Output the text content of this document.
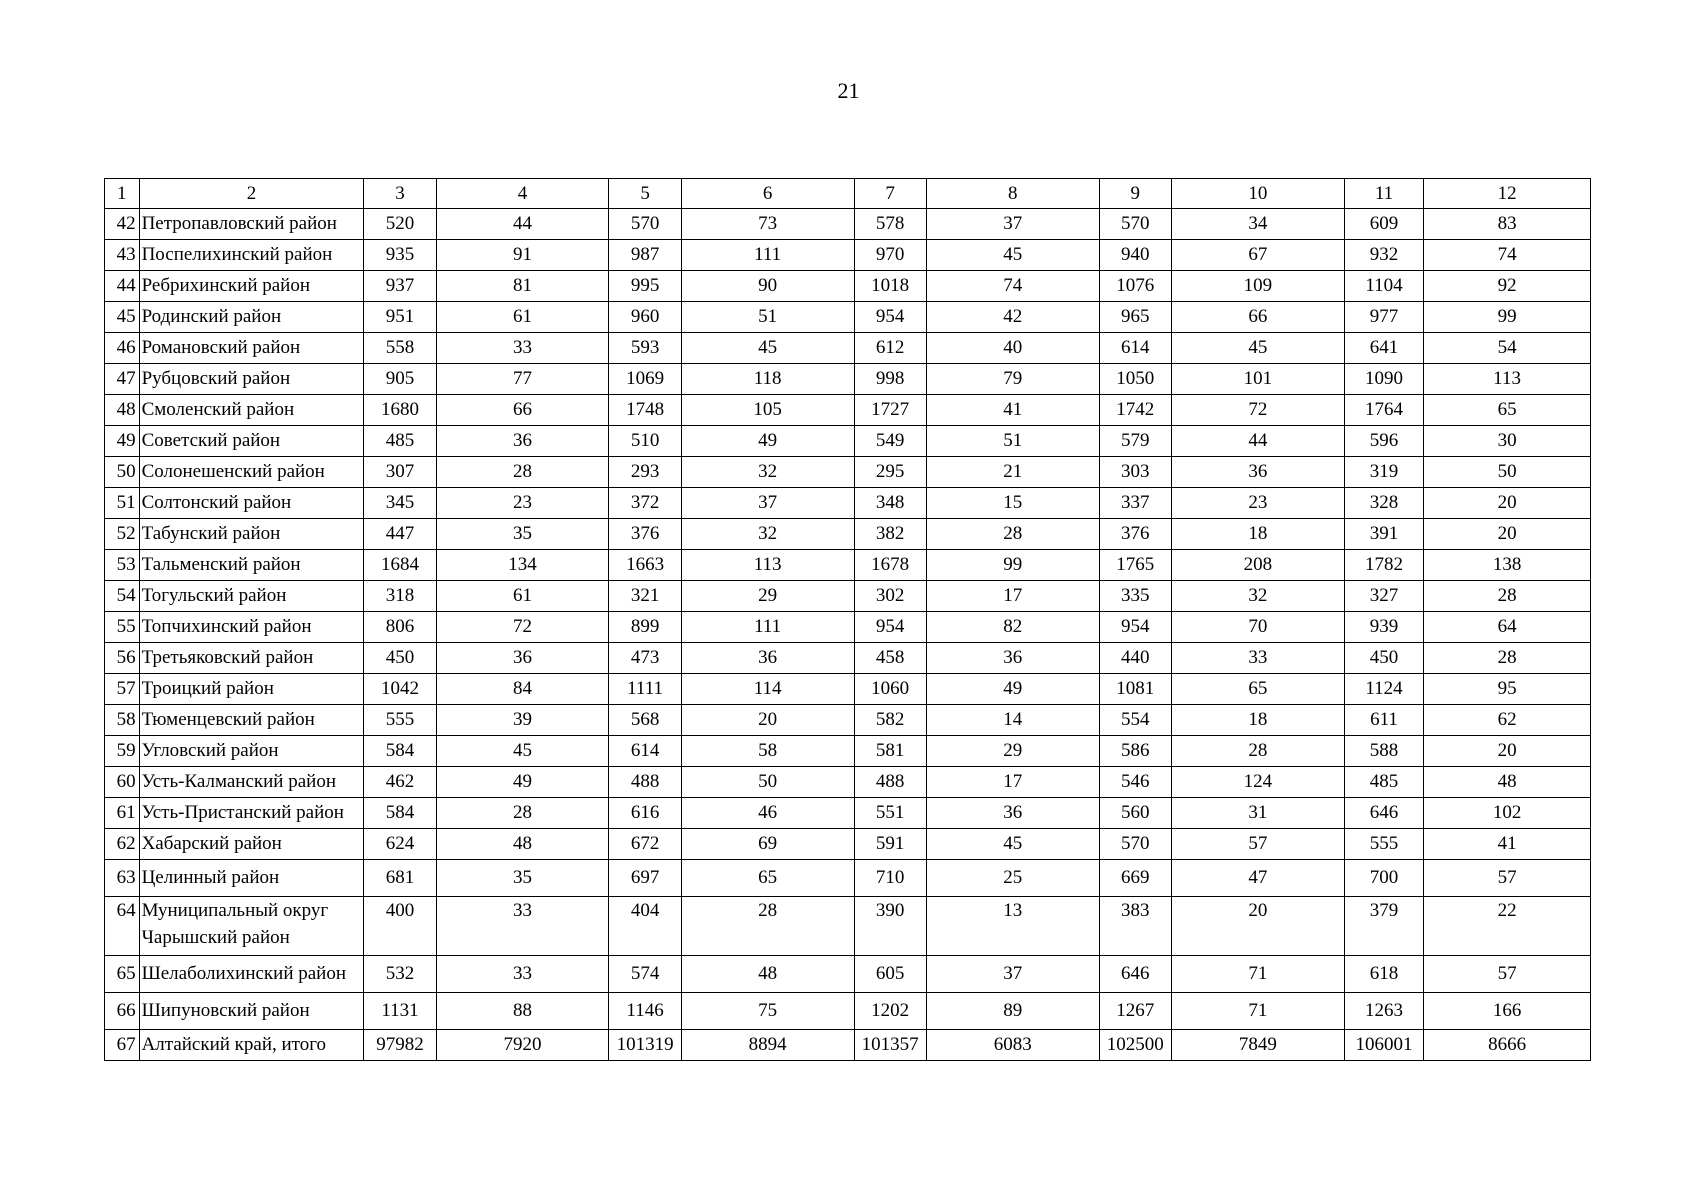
21
1	2	3	4	5	6	7	8	9	10	11	12
42	Петропавловский район	520	44	570	73	578	37	570	34	609	83
43	Поспелихинский район	935	91	987	111	970	45	940	67	932	74
44	Ребрихинский район	937	81	995	90	1018	74	1076	109	1104	92
45	Родинский район	951	61	960	51	954	42	965	66	977	99
46	Романовский район	558	33	593	45	612	40	614	45	641	54
47	Рубцовский район	905	77	1069	118	998	79	1050	101	1090	113
48	Смоленский район	1680	66	1748	105	1727	41	1742	72	1764	65
49	Советский район	485	36	510	49	549	51	579	44	596	30
50	Солонешенский район	307	28	293	32	295	21	303	36	319	50
51	Солтонский район	345	23	372	37	348	15	337	23	328	20
52	Табунский район	447	35	376	32	382	28	376	18	391	20
53	Тальменский район	1684	134	1663	113	1678	99	1765	208	1782	138
54	Тогульский район	318	61	321	29	302	17	335	32	327	28
55	Топчихинский район	806	72	899	111	954	82	954	70	939	64
56	Третьяковский район	450	36	473	36	458	36	440	33	450	28
57	Троицкий район	1042	84	1111	114	1060	49	1081	65	1124	95
58	Тюменцевский район	555	39	568	20	582	14	554	18	611	62
59	Угловский район	584	45	614	58	581	29	586	28	588	20
60	Усть-Калманский район	462	49	488	50	488	17	546	124	485	48
61	Усть-Пристанский район	584	28	616	46	551	36	560	31	646	102
62	Хабарский район	624	48	672	69	591	45	570	57	555	41
63	Целинный район	681	35	697	65	710	25	669	47	700	57
64	Муниципальный округ Чарышский район	400	33	404	28	390	13	383	20	379	22
65	Шелаболихинский район	532	33	574	48	605	37	646	71	618	57
66	Шипуновский район	1131	88	1146	75	1202	89	1267	71	1263	166
67	Алтайский край, итого	97982	7920	101319	8894	101357	6083	102500	7849	106001	8666
